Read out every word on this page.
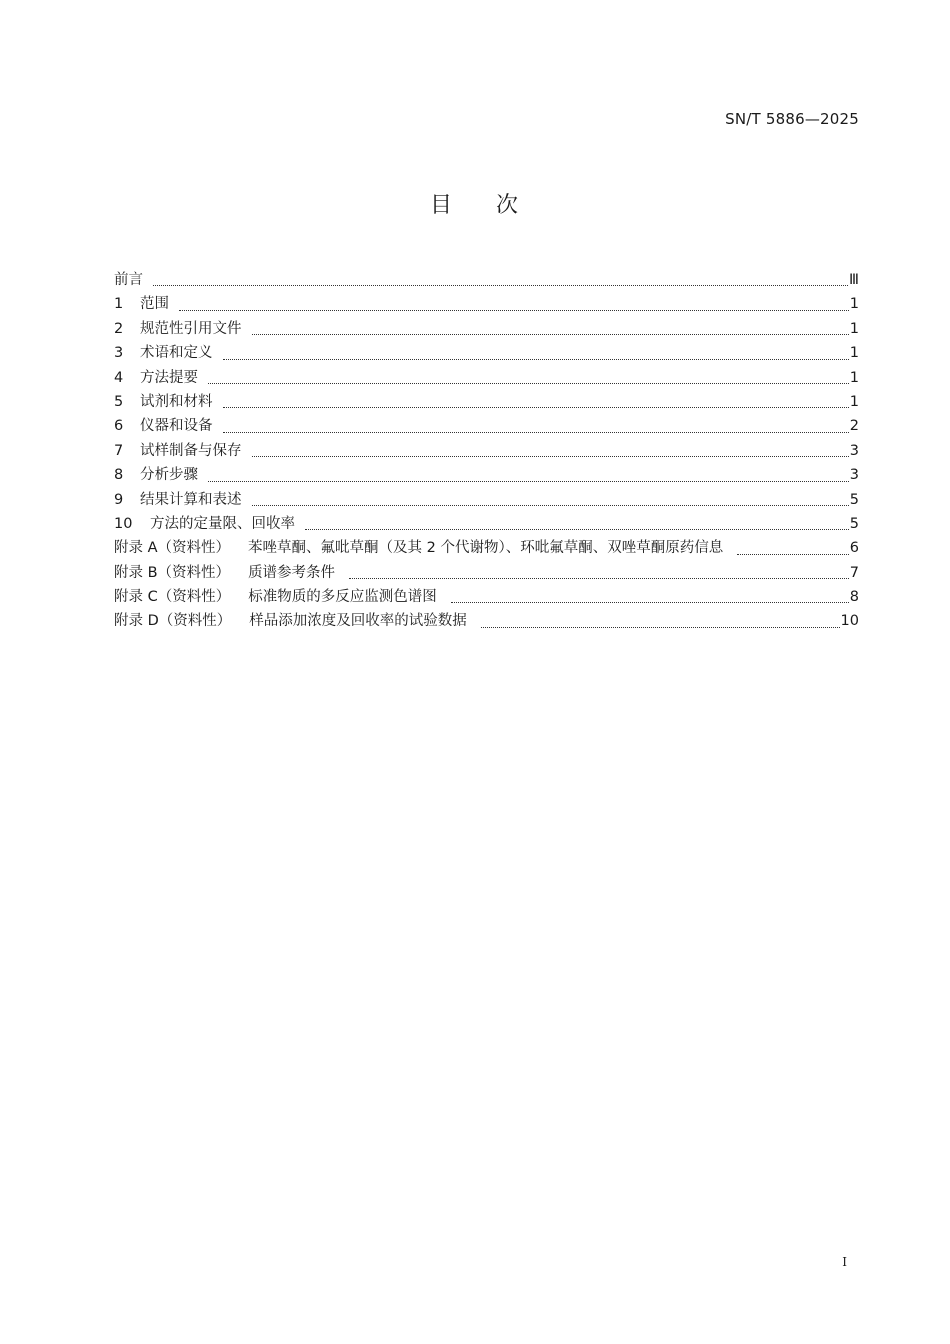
SN/T 5886—2025
目 次
前言	Ⅲ
1	范围	1
2	规范性引用文件	1
3	术语和定义	1
4	方法提要	1
5	试剂和材料	1
6	仪器和设备	2
7	试样制备与保存	3
8	分析步骤	3
9	结果计算和表述	5
10	方法的定量限、回收率	5
附录 A（资料性）	苯唑草酮、氟吡草酮（及其 2 个代谢物）、环吡氟草酮、双唑草酮原药信息	6
附录 B（资料性）	质谱参考条件	7
附录 C（资料性）	标准物质的多反应监测色谱图	8
附录 D（资料性）	样品添加浓度及回收率的试验数据	10
I
